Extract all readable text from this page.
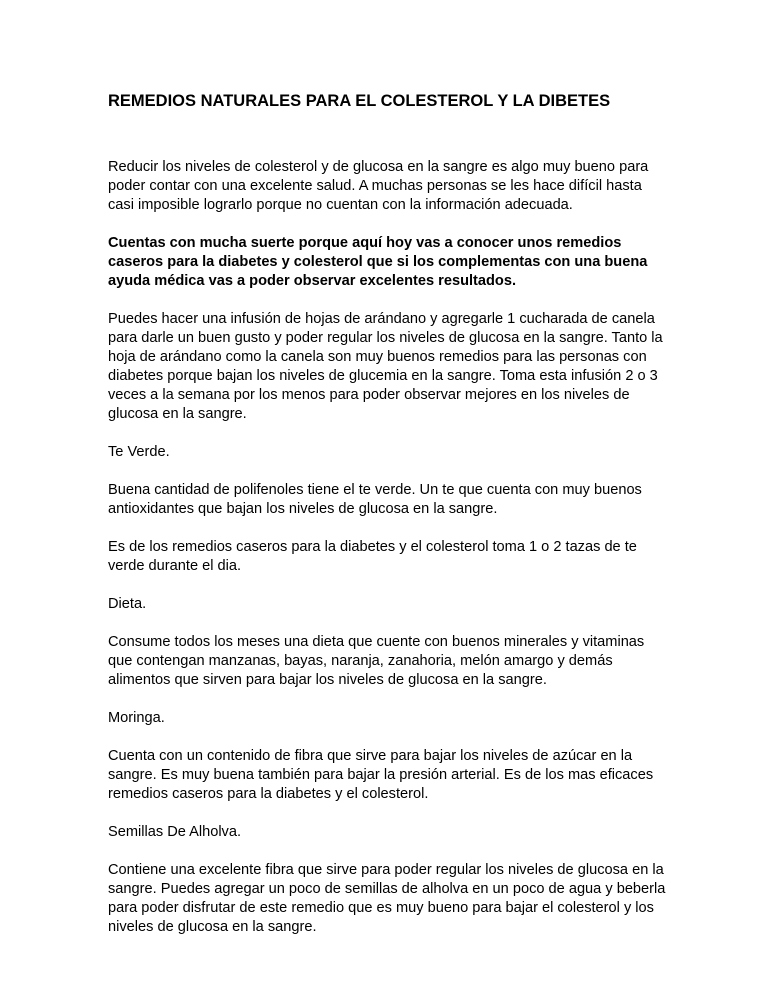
REMEDIOS NATURALES PARA EL COLESTEROL Y LA DIBETES

Reducir los niveles de colesterol y de glucosa en la sangre es algo muy bueno para poder contar con una excelente salud. A muchas personas se les hace difícil hasta casi imposible lograrlo porque no cuentan con la información adecuada.

Cuentas con mucha suerte porque aquí hoy vas a conocer unos remedios caseros para la diabetes y colesterol que si los complementas con una buena ayuda médica vas a poder observar excelentes resultados.

Puedes hacer una infusión de hojas de arándano y agregarle 1 cucharada de canela para darle un buen gusto y poder regular los niveles de glucosa en la sangre. Tanto la hoja de arándano como la canela son muy buenos remedios para las personas con diabetes porque bajan los niveles de glucemia en la sangre. Toma esta infusión 2 o 3 veces a la semana por los menos para poder observar mejores en los niveles de glucosa en la sangre.

Te Verde.

Buena cantidad de polifenoles tiene el te verde. Un te que cuenta con muy buenos antioxidantes que bajan los niveles de glucosa en la sangre.

Es de los remedios caseros para la diabetes y el colesterol toma 1 o 2 tazas de te verde durante el dia.

Dieta.

Consume todos los meses una dieta que cuente con buenos minerales y vitaminas que contengan manzanas, bayas, naranja, zanahoria, melón amargo y demás alimentos que sirven para bajar los niveles de glucosa en la sangre.

Moringa.

Cuenta con un contenido de fibra que sirve para bajar los niveles de azúcar en la sangre. Es muy buena también para bajar la presión arterial. Es de los mas eficaces remedios caseros para la diabetes y el colesterol.

Semillas De Alholva.

Contiene una excelente fibra que sirve para poder regular los niveles de glucosa en la sangre. Puedes agregar un poco de semillas de alholva en un poco de agua y beberla para poder disfrutar de este remedio que es muy bueno para bajar el colesterol y los niveles de glucosa en la sangre.
